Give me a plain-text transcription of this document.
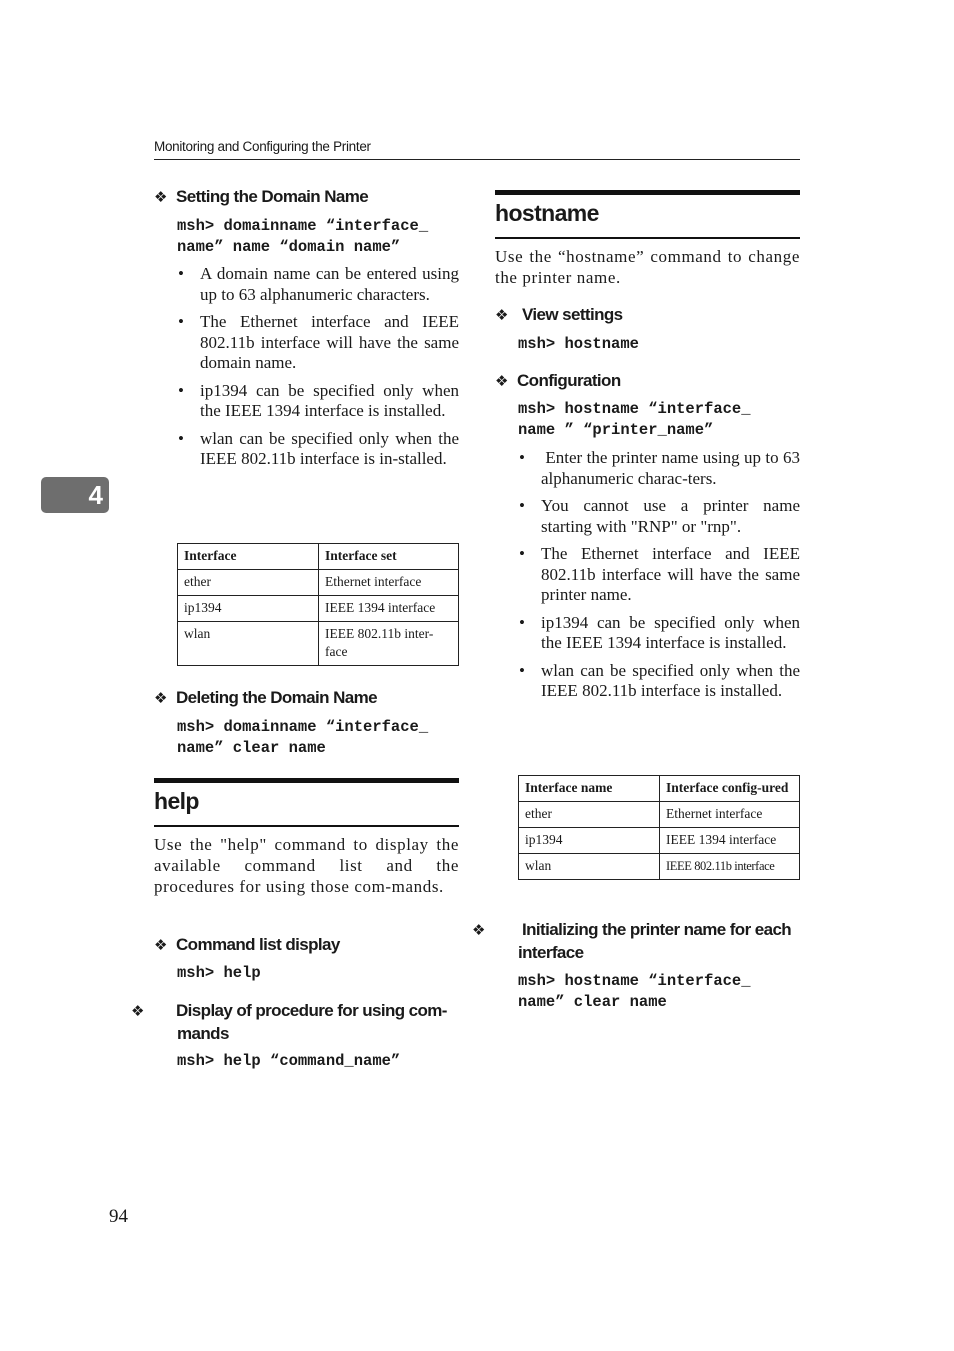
Monitoring and Configuring the Printer
4
❖ Setting the Domain Name
msh> domainname “interface_
name” name “domain name”
• A domain name can be entered using up to 63 alphanumeric characters.
• The Ethernet interface and IEEE 802.11b interface will have the same domain name.
• ip1394 can be specified only when the IEEE 1394 interface is installed.
• wlan can be specified only when the IEEE 802.11b interface is in-stalled.
Interface	Interface set
ether	Ethernet interface
ip1394	IEEE 1394 interface
wlan	IEEE 802.11b inter-face
❖ Deleting the Domain Name
msh> domainname “interface_
name” clear name
help
Use the "help" command to display the available command list and the procedures for using those com-mands.
❖ Command list display
msh> help
❖ Display of procedure for using com-mands
msh> help “command_name”
hostname
Use the “hostname” command to change the printer name.
❖ View settings
msh> hostname
❖ Configuration
msh> hostname “interface_
name ” “printer_name”
• Enter the printer name using up to 63 alphanumeric charac-ters.
• You cannot use a printer name starting with "RNP" or "rnp".
• The Ethernet interface and IEEE 802.11b interface will have the same printer name.
• ip1394 can be specified only when the IEEE 1394 interface is installed.
• wlan can be specified only when the IEEE 802.11b interface is installed.
Interface name	Interface config-ured
ether	Ethernet interface
ip1394	IEEE 1394 interface
wlan	IEEE 802.11b interface
❖ Initializing the printer name for each interface
msh> hostname “interface_
name” clear name
94
